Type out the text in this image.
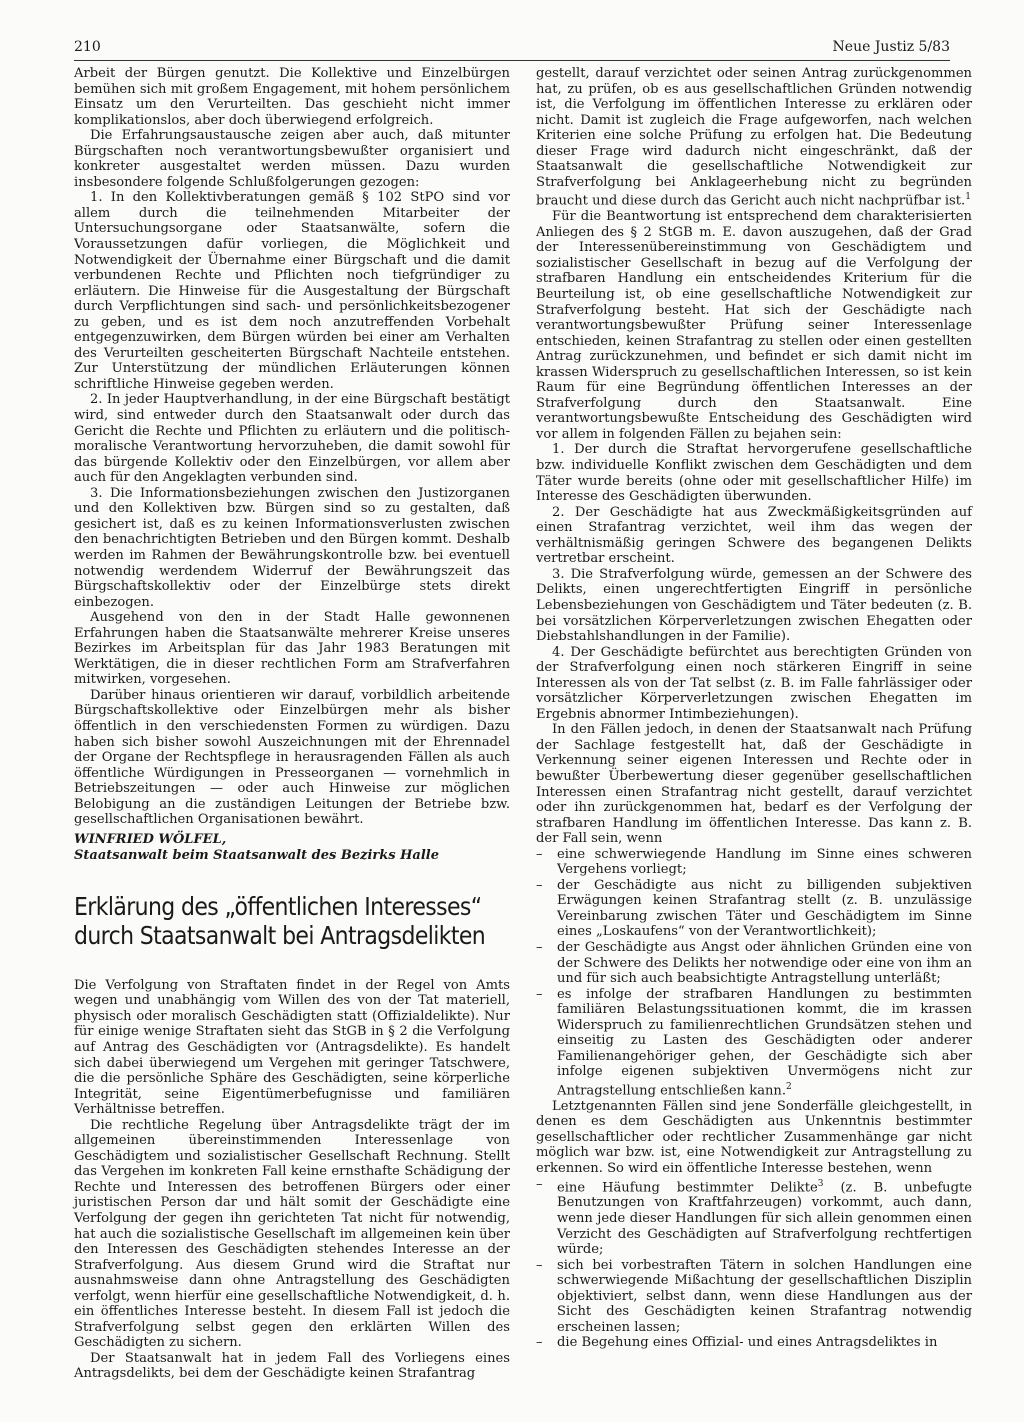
210	Neue Justiz 5/83

Arbeit der Bürgen genutzt. Die Kollektive und Einzelbürgen bemühen sich mit großem Engagement, mit hohem persönlichem Einsatz um den Verurteilten. Das geschieht nicht immer komplikationslos, aber doch überwiegend erfolgreich.

Die Erfahrungsaustausche zeigen aber auch, daß mitunter Bürgschaften noch verantwortungsbewußter organisiert und konkreter ausgestaltet werden müssen. Dazu wurden insbesondere folgende Schlußfolgerungen gezogen:

1. In den Kollektivberatungen gemäß § 102 StPO sind vor allem durch die teilnehmenden Mitarbeiter der Untersuchungsorgane oder Staatsanwälte, sofern die Voraussetzungen dafür vorliegen, die Möglichkeit und Notwendigkeit der Übernahme einer Bürgschaft und die damit verbundenen Rechte und Pflichten noch tiefgründiger zu erläutern. Die Hinweise für die Ausgestaltung der Bürgschaft durch Verpflichtungen sind sach- und persönlichkeitsbezogener zu geben, und es ist dem noch anzutreffenden Vorbehalt entgegenzuwirken, dem Bürgen würden bei einer am Verhalten des Verurteilten gescheiterten Bürgschaft Nachteile entstehen. Zur Unterstützung der mündlichen Erläuterungen können schriftliche Hinweise gegeben werden.

2. In jeder Hauptverhandlung, in der eine Bürgschaft bestätigt wird, sind entweder durch den Staatsanwalt oder durch das Gericht die Rechte und Pflichten zu erläutern und die politisch-moralische Verantwortung hervorzuheben, die damit sowohl für das bürgende Kollektiv oder den Einzelbürgen, vor allem aber auch für den Angeklagten verbunden sind.

3. Die Informationsbeziehungen zwischen den Justizorganen und den Kollektiven bzw. Bürgen sind so zu gestalten, daß gesichert ist, daß es zu keinen Informationsverlusten zwischen den benachrichtigten Betrieben und den Bürgen kommt. Deshalb werden im Rahmen der Bewährungskontrolle bzw. bei eventuell notwendig werdendem Widerruf der Bewährungszeit das Bürgschaftskollektiv oder der Einzelbürge stets direkt einbezogen.

Ausgehend von den in der Stadt Halle gewonnenen Erfahrungen haben die Staatsanwälte mehrerer Kreise unseres Bezirkes im Arbeitsplan für das Jahr 1983 Beratungen mit Werktätigen, die in dieser rechtlichen Form am Strafverfahren mitwirken, vorgesehen.

Darüber hinaus orientieren wir darauf, vorbildlich arbeitende Bürgschaftskollektive oder Einzelbürgen mehr als bisher öffentlich in den verschiedensten Formen zu würdigen. Dazu haben sich bisher sowohl Auszeichnungen mit der Ehrennadel der Organe der Rechtspflege in herausragenden Fällen als auch öffentliche Würdigungen in Presseorganen — vornehmlich in Betriebszeitungen — oder auch Hinweise zur möglichen Belobigung an die zuständigen Leitungen der Betriebe bzw. gesellschaftlichen Organisationen bewährt.

WINFRIED WÖLFEL,
Staatsanwalt beim Staatsanwalt des Bezirks Halle
Erklärung des „öffentlichen Interesses“
durch Staatsanwalt bei Antragsdelikten

Die Verfolgung von Straftaten findet in der Regel von Amts wegen und unabhängig vom Willen des von der Tat materiell, physisch oder moralisch Geschädigten statt (Offizialdelikte). Nur für einige wenige Straftaten sieht das StGB in § 2 die Verfolgung auf Antrag des Geschädigten vor (Antragsdelikte). Es handelt sich dabei überwiegend um Vergehen mit geringer Tatschwere, die die persönliche Sphäre des Geschädigten, seine körperliche Integrität, seine Eigentümerbefugnisse und familiären Verhältnisse betreffen.

Die rechtliche Regelung über Antragsdelikte trägt der im allgemeinen übereinstimmenden Interessenlage von Geschädigtem und sozialistischer Gesellschaft Rechnung. Stellt das Vergehen im konkreten Fall keine ernsthafte Schädigung der Rechte und Interessen des betroffenen Bürgers oder einer juristischen Person dar und hält somit der Geschädigte eine Verfolgung der gegen ihn gerichteten Tat nicht für notwendig, hat auch die sozialistische Gesellschaft im allgemeinen kein über den Interessen des Geschädigten stehendes Interesse an der Strafverfolgung. Aus diesem Grund wird die Straftat nur ausnahmsweise dann ohne Antragstellung des Geschädigten verfolgt, wenn hierfür eine gesellschaftliche Notwendigkeit, d. h. ein öffentliches Interesse besteht. In diesem Fall ist jedoch die Strafverfolgung selbst gegen den erklärten Willen des Geschädigten zu sichern.

Der Staatsanwalt hat in jedem Fall des Vorliegens eines Antragsdelikts, bei dem der Geschädigte keinen Strafantrag

gestellt, darauf verzichtet oder seinen Antrag zurückgenommen hat, zu prüfen, ob es aus gesellschaftlichen Gründen notwendig ist, die Verfolgung im öffentlichen Interesse zu erklären oder nicht. Damit ist zugleich die Frage aufgeworfen, nach welchen Kriterien eine solche Prüfung zu erfolgen hat. Die Bedeutung dieser Frage wird dadurch nicht eingeschränkt, daß der Staatsanwalt die gesellschaftliche Notwendigkeit zur Strafverfolgung bei Anklageerhebung nicht zu begründen braucht und diese durch das Gericht auch nicht nachprüfbar ist.$^1$

Für die Beantwortung ist entsprechend dem charakterisierten Anliegen des § 2 StGB m. E. davon auszugehen, daß der Grad der Interessenübereinstimmung von Geschädigtem und sozialistischer Gesellschaft in bezug auf die Verfolgung der strafbaren Handlung ein entscheidendes Kriterium für die Beurteilung ist, ob eine gesellschaftliche Notwendigkeit zur Strafverfolgung besteht. Hat sich der Geschädigte nach verantwortungsbewußter Prüfung seiner Interessenlage entschieden, keinen Strafantrag zu stellen oder einen gestellten Antrag zurückzunehmen, und befindet er sich damit nicht im krassen Widerspruch zu gesellschaftlichen Interessen, so ist kein Raum für eine Begründung öffentlichen Interesses an der Strafverfolgung durch den Staatsanwalt. Eine verantwortungsbewußte Entscheidung des Geschädigten wird vor allem in folgenden Fällen zu bejahen sein:

1. Der durch die Straftat hervorgerufene gesellschaftliche bzw. individuelle Konflikt zwischen dem Geschädigten und dem Täter wurde bereits (ohne oder mit gesellschaftlicher Hilfe) im Interesse des Geschädigten überwunden.

2. Der Geschädigte hat aus Zweckmäßigkeitsgründen auf einen Strafantrag verzichtet, weil ihm das wegen der verhältnismäßig geringen Schwere des begangenen Delikts vertretbar erscheint.

3. Die Strafverfolgung würde, gemessen an der Schwere des Delikts, einen ungerechtfertigten Eingriff in persönliche Lebensbeziehungen von Geschädigtem und Täter bedeuten (z. B. bei vorsätzlichen Körperverletzungen zwischen Ehegatten oder Diebstahlshandlungen in der Familie).

4. Der Geschädigte befürchtet aus berechtigten Gründen von der Strafverfolgung einen noch stärkeren Eingriff in seine Interessen als von der Tat selbst (z. B. im Falle fahrlässiger oder vorsätzlicher Körperverletzungen zwischen Ehegatten im Ergebnis abnormer Intimbeziehungen).

In den Fällen jedoch, in denen der Staatsanwalt nach Prüfung der Sachlage festgestellt hat, daß der Geschädigte in Verkennung seiner eigenen Interessen und Rechte oder in bewußter Überbewertung dieser gegenüber gesellschaftlichen Interessen einen Strafantrag nicht gestellt, darauf verzichtet oder ihn zurückgenommen hat, bedarf es der Verfolgung der strafbaren Handlung im öffentlichen Interesse. Das kann z. B. der Fall sein, wenn

– eine schwerwiegende Handlung im Sinne eines schweren Vergehens vorliegt;
– der Geschädigte aus nicht zu billigenden subjektiven Erwägungen keinen Strafantrag stellt (z. B. unzulässige Vereinbarung zwischen Täter und Geschädigtem im Sinne eines „Loskaufens“ von der Verantwortlichkeit);
– der Geschädigte aus Angst oder ähnlichen Gründen eine von der Schwere des Delikts her notwendige oder eine von ihm an und für sich auch beabsichtigte Antragstellung unterläßt;
– es infolge der strafbaren Handlungen zu bestimmten familiären Belastungssituationen kommt, die im krassen Widerspruch zu familienrechtlichen Grundsätzen stehen und einseitig zu Lasten des Geschädigten oder anderer Familienangehöriger gehen, der Geschädigte sich aber infolge eigenen subjektiven Unvermögens nicht zur Antragstellung entschließen kann.$^2$

Letztgenannten Fällen sind jene Sonderfälle gleichgestellt, in denen es dem Geschädigten aus Unkenntnis bestimmter gesellschaftlicher oder rechtlicher Zusammenhänge gar nicht möglich war bzw. ist, eine Notwendigkeit zur Antragstellung zu erkennen. So wird ein öffentliche Interesse bestehen, wenn

– eine Häufung bestimmter Delikte$^3$ (z. B. unbefugte Benutzungen von Kraftfahrzeugen) vorkommt, auch dann, wenn jede dieser Handlungen für sich allein genommen einen Verzicht des Geschädigten auf Strafverfolgung rechtfertigen würde;
– sich bei vorbestraften Tätern in solchen Handlungen eine schwerwiegende Mißachtung der gesellschaftlichen Disziplin objektiviert, selbst dann, wenn diese Handlungen aus der Sicht des Geschädigten keinen Strafantrag notwendig erscheinen lassen;
– die Begehung eines Offizial- und eines Antragsdeliktes in
